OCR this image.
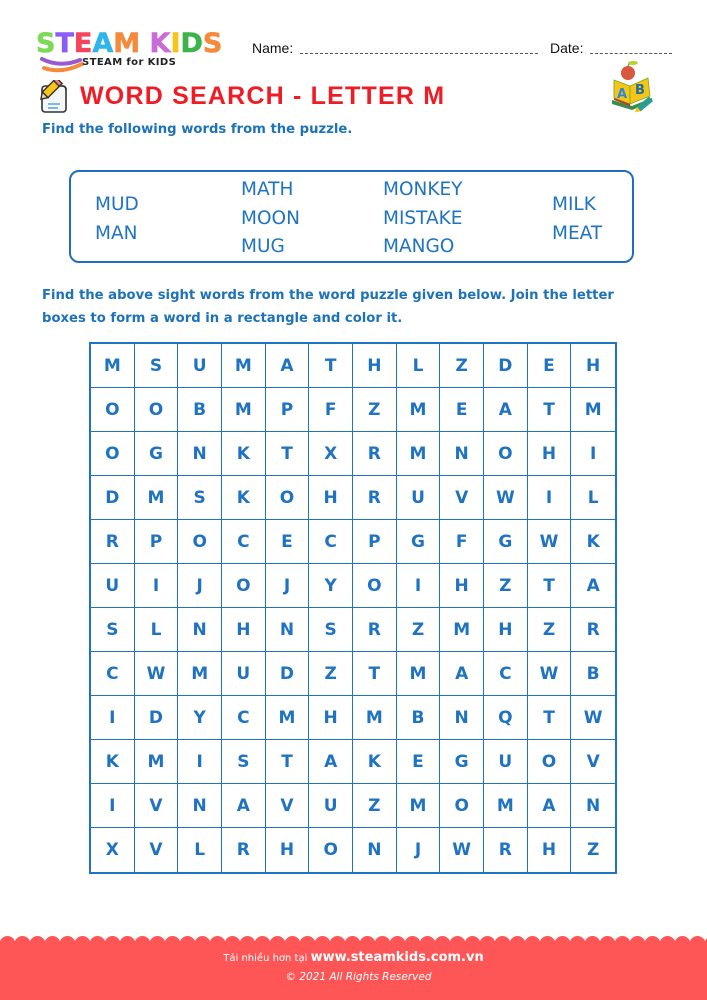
STEAM KIDS
STEAM for KIDS
Name:	Date:
WORD SEARCH - LETTER M	A B
Find the following words from the puzzle.
MUD
MAN
MATH
MOON
MUG
MONKEY
MISTAKE
MANGO
MILK
MEAT
Find the above sight words from the word puzzle given below. Join the letter boxes to form a word in a rectangle and color it.
M	S	U	M	A	T	H	L	Z	D	E	H
O	O	B	M	P	F	Z	M	E	A	T	M
O	G	N	K	T	X	R	M	N	O	H	I
D	M	S	K	O	H	R	U	V	W	I	L
R	P	O	C	E	C	P	G	F	G	W	K
U	I	J	O	J	Y	O	I	H	Z	T	A
S	L	N	H	N	S	R	Z	M	H	Z	R
C	W	M	U	D	Z	T	M	A	C	W	B
I	D	Y	C	M	H	M	B	N	Q	T	W
K	M	I	S	T	A	K	E	G	U	O	V
I	V	N	A	V	U	Z	M	O	M	A	N
X	V	L	R	H	O	N	J	W	R	H	Z
Tải nhiều hơn tại www.steamkids.com.vn
© 2021 All Rights Reserved
